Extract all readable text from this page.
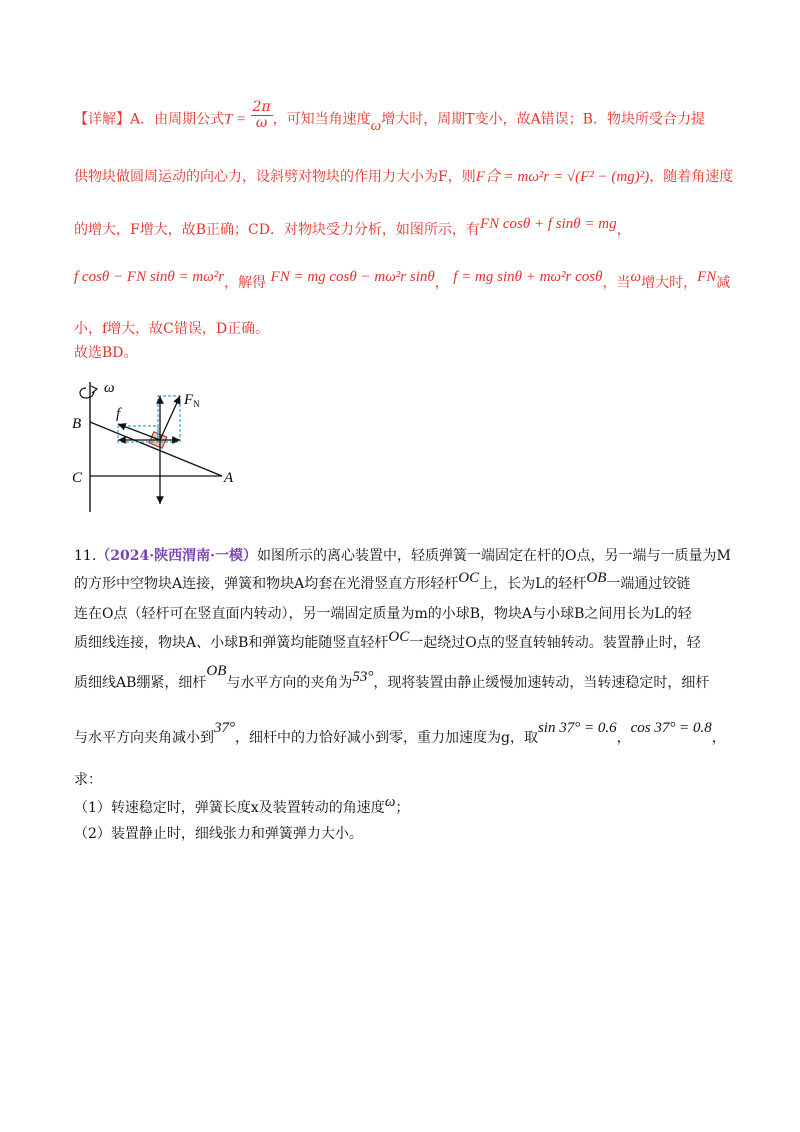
【详解】A．由周期公式$T = \frac{2\pi}{\omega}$ ，可知当角速度ω增大时，周期T变小，故A错误；B．物块所受合力提
供物块做圆周运动的向心力，设斜劈对物块的作用力大小为F，则F合 = mω²r = √(F² − (mg)²)，随着角速度
的增大，F增大，故B正确；CD．对物块受力分析，如图所示，有FN cosθ + f sinθ = mg，
f cosθ − FN sinθ = mω²r，解得 FN = mg cosθ − mω²r sinθ， f = mg sinθ + mω²r cosθ，当ω增大时，FN减
小，f增大，故C错误，D正确。
故选BD。
ω
$F_N$
f
B
C	A
11.（2024·陕西渭南·一模）如图所示的离心装置中，轻质弹簧一端固定在杆的O点，另一端与一质量为M
的方形中空物块A连接，弹簧和物块A均套在光滑竖直方形轻杆OC上，长为L的轻杆OB一端通过铰链
连在O点（轻杆可在竖直面内转动），另一端固定质量为m的小球B，物块A与小球B之间用长为L的轻
质细线连接，物块A、小球B和弹簧均能随竖直轻杆OC一起绕过O点的竖直转轴转动。装置静止时，轻
质细线AB绷紧，细杆OB与水平方向的夹角为53°，现将装置由静止缓慢加速转动，当转速稳定时，细杆
与水平方向夹角减小到37°，细杆中的力恰好减小到零，重力加速度为g，取sin 37° = 0.6，cos 37° = 0.8，
求：
（1）转速稳定时，弹簧长度x及装置转动的角速度ω；
（2）装置静止时，细线张力和弹簧弹力大小。
